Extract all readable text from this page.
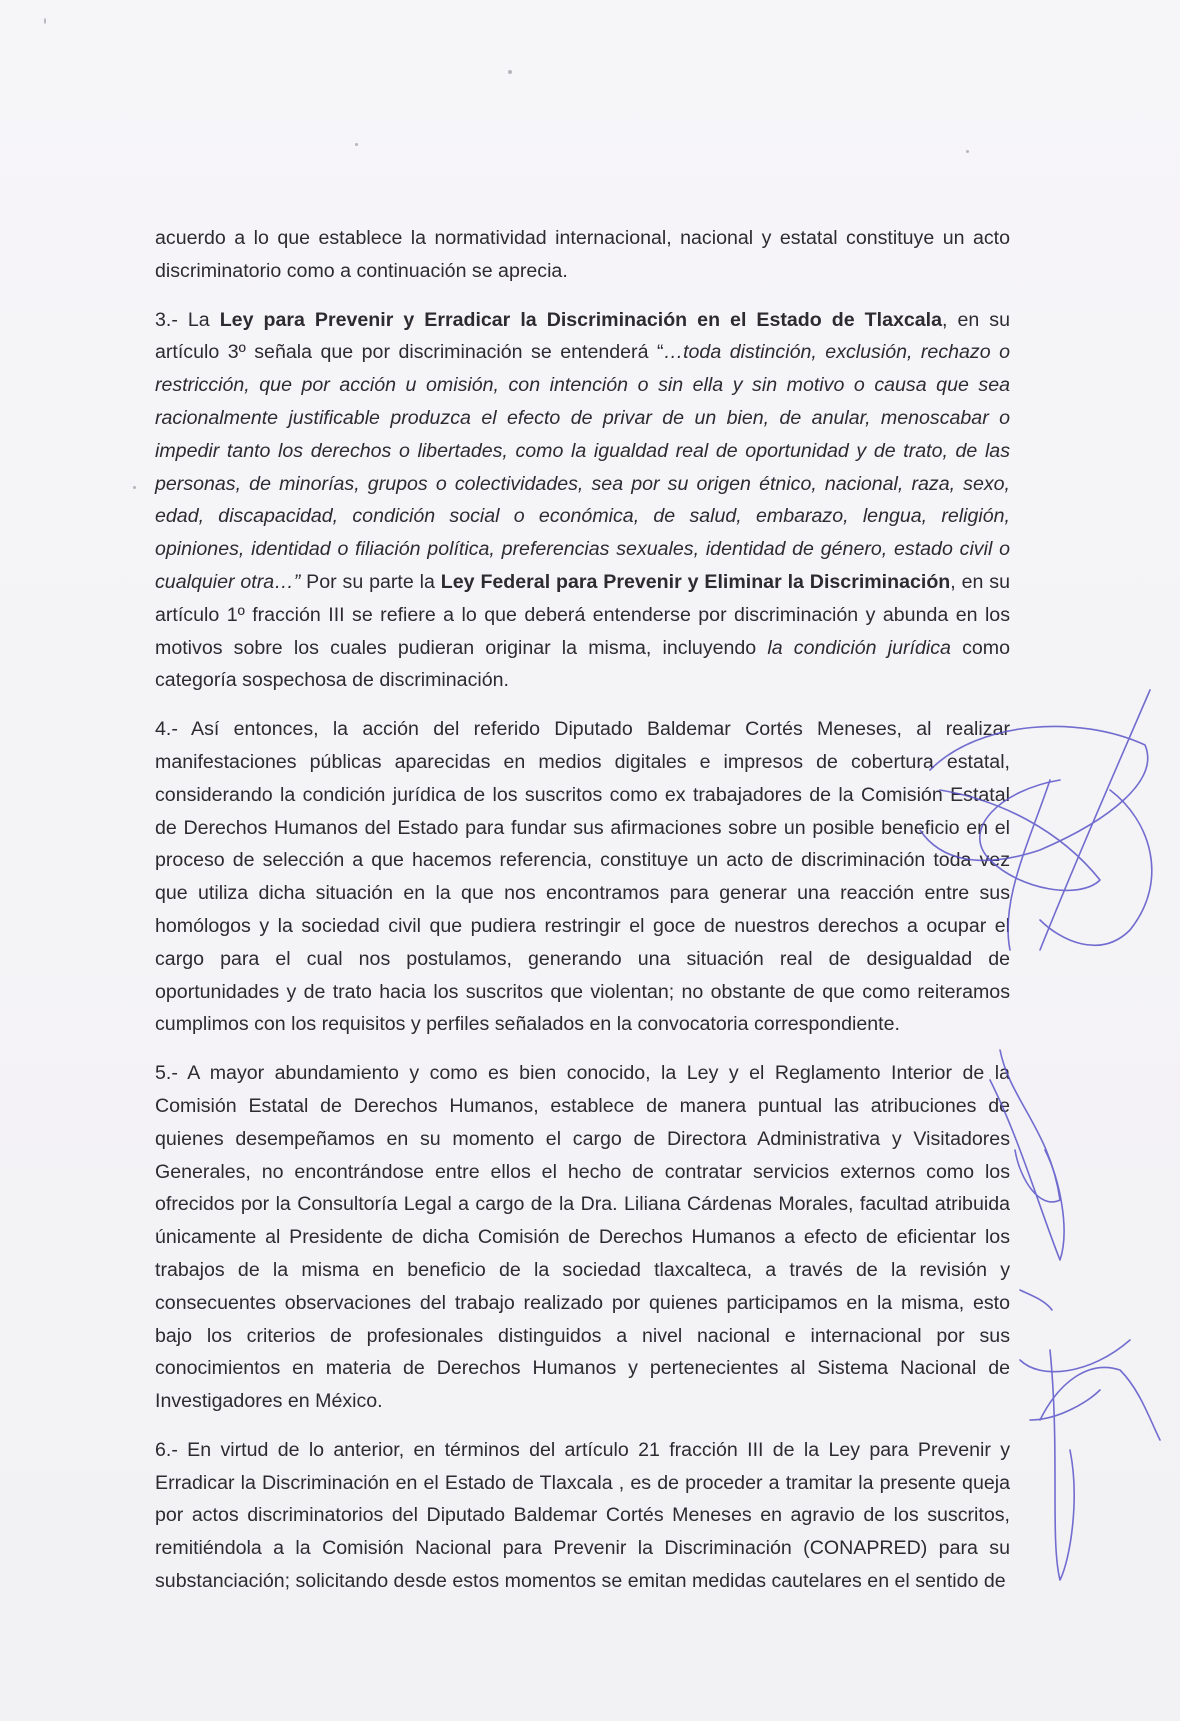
acuerdo a lo que establece la normatividad internacional, nacional y estatal constituye un acto discriminatorio como a continuación se aprecia.

3.- La Ley para Prevenir y Erradicar la Discriminación en el Estado de Tlaxcala, en su artículo 3º señala que por discriminación se entenderá “…toda distinción, exclusión, rechazo o restricción, que por acción u omisión, con intención o sin ella y sin motivo o causa que sea racionalmente justificable produzca el efecto de privar de un bien, de anular, menoscabar o impedir tanto los derechos o libertades, como la igualdad real de oportunidad y de trato, de las personas, de minorías, grupos o colectividades, sea por su origen étnico, nacional, raza, sexo, edad, discapacidad, condición social o económica, de salud, embarazo, lengua, religión, opiniones, identidad o filiación política, preferencias sexuales, identidad de género, estado civil o cualquier otra…” Por su parte la Ley Federal para Prevenir y Eliminar la Discriminación, en su artículo 1º fracción III se refiere a lo que deberá entenderse por discriminación y abunda en los motivos sobre los cuales pudieran originar la misma, incluyendo la condición jurídica como categoría sospechosa de discriminación.

4.- Así entonces, la acción del referido Diputado Baldemar Cortés Meneses, al realizar manifestaciones públicas aparecidas en medios digitales e impresos de cobertura estatal, considerando la condición jurídica de los suscritos como ex trabajadores de la Comisión Estatal de Derechos Humanos del Estado para fundar sus afirmaciones sobre un posible beneficio en el proceso de selección a que hacemos referencia, constituye un acto de discriminación toda vez que utiliza dicha situación en la que nos encontramos para generar una reacción entre sus homólogos y la sociedad civil que pudiera restringir el goce de nuestros derechos a ocupar el cargo para el cual nos postulamos, generando una situación real de desigualdad de oportunidades y de trato hacia los suscritos que violentan; no obstante de que como reiteramos cumplimos con los requisitos y perfiles señalados en la convocatoria correspondiente.

5.- A mayor abundamiento y como es bien conocido, la Ley y el Reglamento Interior de la Comisión Estatal de Derechos Humanos, establece de manera puntual las atribuciones de quienes desempeñamos en su momento el cargo de Directora Administrativa y Visitadores Generales, no encontrándose entre ellos el hecho de contratar servicios externos como los ofrecidos por la Consultoría Legal a cargo de la Dra. Liliana Cárdenas Morales, facultad atribuida únicamente al Presidente de dicha Comisión de Derechos Humanos a efecto de eficientar los trabajos de la misma en beneficio de la sociedad tlaxcalteca, a través de la revisión y consecuentes observaciones del trabajo realizado por quienes participamos en la misma, esto bajo los criterios de profesionales distinguidos a nivel nacional e internacional por sus conocimientos en materia de Derechos Humanos y pertenecientes al Sistema Nacional de Investigadores en México.

6.- En virtud de lo anterior, en términos del artículo 21 fracción III de la Ley para Prevenir y Erradicar la Discriminación en el Estado de Tlaxcala , es de proceder a tramitar la presente queja por actos discriminatorios del Diputado Baldemar Cortés Meneses en agravio de los suscritos, remitiéndola a la Comisión Nacional para Prevenir la Discriminación (CONAPRED) para su substanciación; solicitando desde estos momentos se emitan medidas cautelares en el sentido de
